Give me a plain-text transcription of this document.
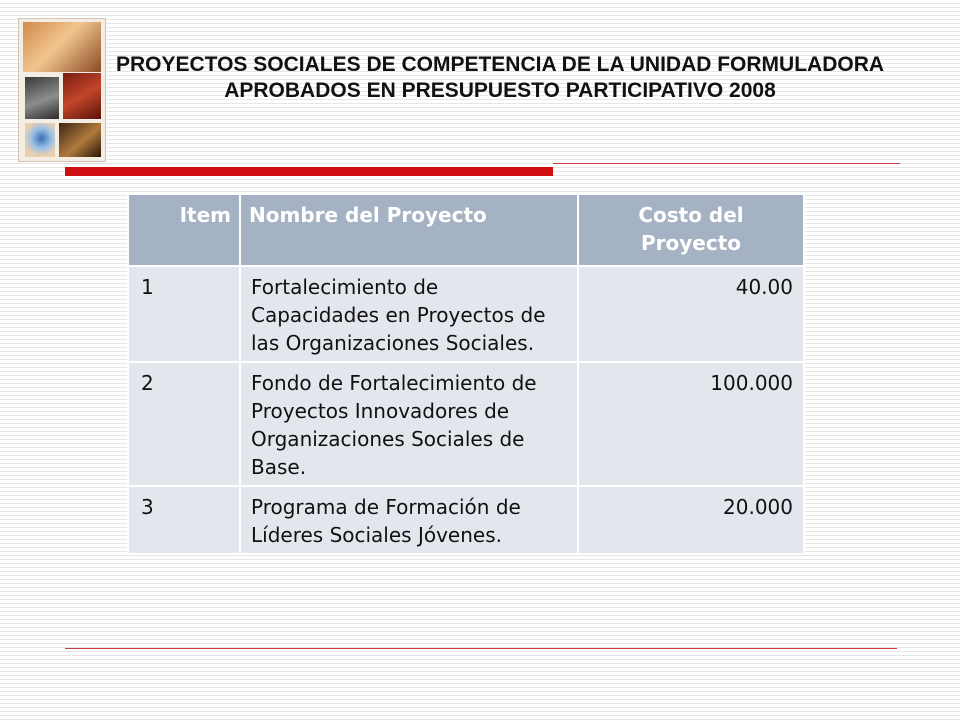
PROYECTOS SOCIALES DE COMPETENCIA DE LA UNIDAD FORMULADORA APROBADOS EN PRESUPUESTO PARTICIPATIVO 2008
Item	Nombre del Proyecto	Costo del Proyecto
1	Fortalecimiento de Capacidades en Proyectos de las Organizaciones Sociales.	40.00
2	Fondo de Fortalecimiento de Proyectos Innovadores de Organizaciones Sociales de Base.	100.000
3	Programa de Formación de Líderes Sociales Jóvenes.	20.000
